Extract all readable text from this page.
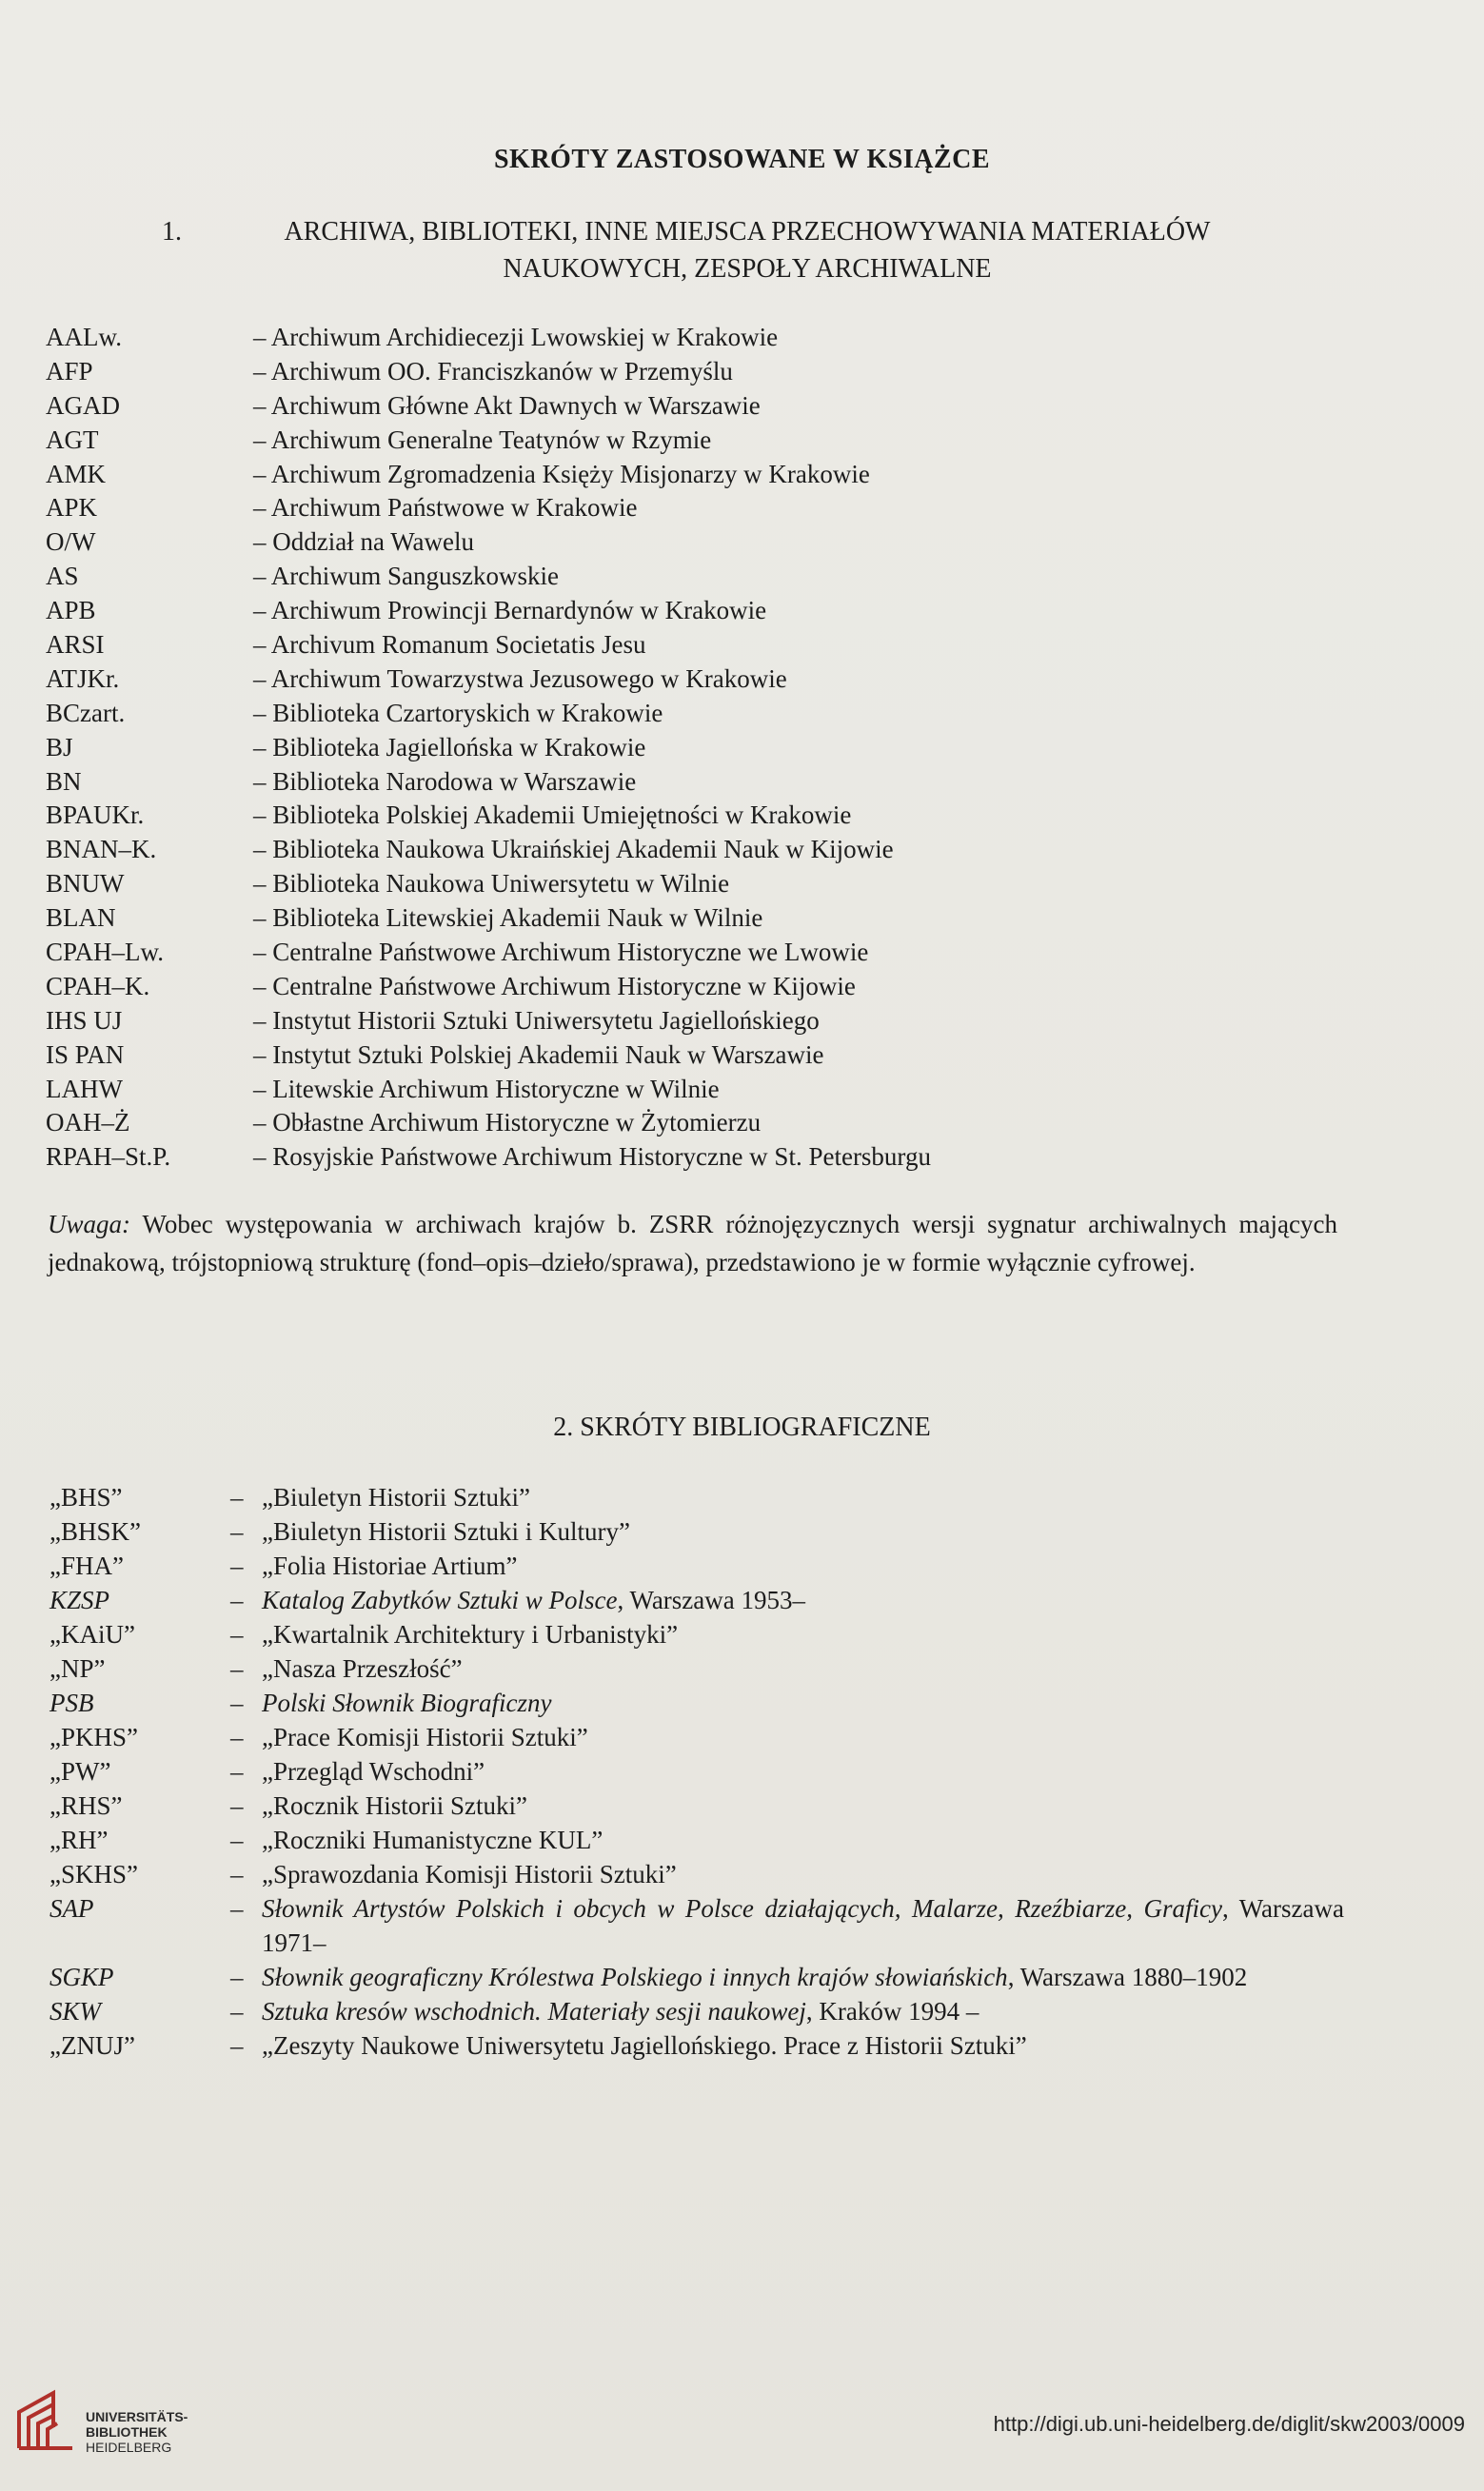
SKRÓTY ZASTOSOWANE W KSIĄŻCE
1.	ARCHIWA, BIBLIOTEKI, INNE MIEJSCA PRZECHOWYWANIA MATERIAŁÓW
NAUKOWYCH, ZESPOŁY ARCHIWALNE
AALw.	– Archiwum Archidiecezji Lwowskiej w Krakowie
AFP	– Archiwum OO. Franciszkanów w Przemyślu
AGAD	– Archiwum Główne Akt Dawnych w Warszawie
AGT	– Archiwum Generalne Teatynów w Rzymie
AMK	– Archiwum Zgromadzenia Księży Misjonarzy w Krakowie
APK	– Archiwum Państwowe w Krakowie
O/W	– Oddział na Wawelu
AS	– Archiwum Sanguszkowskie
APB	– Archiwum Prowincji Bernardynów w Krakowie
ARSI	– Archivum Romanum Societatis Jesu
ATJKr.	– Archiwum Towarzystwa Jezusowego w Krakowie
BCzart.	– Biblioteka Czartoryskich w Krakowie
BJ	– Biblioteka Jagiellońska w Krakowie
BN	– Biblioteka Narodowa w Warszawie
BPAUKr.	– Biblioteka Polskiej Akademii Umiejętności w Krakowie
BNAN–K.	– Biblioteka Naukowa Ukraińskiej Akademii Nauk w Kijowie
BNUW	– Biblioteka Naukowa Uniwersytetu w Wilnie
BLAN	– Biblioteka Litewskiej Akademii Nauk w Wilnie
CPAH–Lw.	– Centralne Państwowe Archiwum Historyczne we Lwowie
CPAH–K.	– Centralne Państwowe Archiwum Historyczne w Kijowie
IHS UJ	– Instytut Historii Sztuki Uniwersytetu Jagiellońskiego
IS PAN	– Instytut Sztuki Polskiej Akademii Nauk w Warszawie
LAHW	– Litewskie Archiwum Historyczne w Wilnie
OAH–Ż	– Obłastne Archiwum Historyczne w Żytomierzu
RPAH–St.P.	– Rosyjskie Państwowe Archiwum Historyczne w St. Petersburgu
Uwaga: Wobec występowania w archiwach krajów b. ZSRR różnojęzycznych wersji sygnatur archiwalnych mających jednakową, trójstopniową strukturę (fond–opis–dzieło/sprawa), przedstawiono je w formie wyłącznie cyfrowej.
2. SKRÓTY BIBLIOGRAFICZNE
„BHS”	– „Biuletyn Historii Sztuki”
„BHSK”	– „Biuletyn Historii Sztuki i Kultury”
„FHA”	– „Folia Historiae Artium”
KZSP	– Katalog Zabytków Sztuki w Polsce, Warszawa 1953–
„KAiU”	– „Kwartalnik Architektury i Urbanistyki”
„NP”	– „Nasza Przeszłość”
PSB	– Polski Słownik Biograficzny
„PKHS”	– „Prace Komisji Historii Sztuki”
„PW”	– „Przegląd Wschodni”
„RHS”	– „Rocznik Historii Sztuki”
„RH”	– „Roczniki Humanistyczne KUL”
„SKHS”	– „Sprawozdania Komisji Historii Sztuki”
SAP	– Słownik Artystów Polskich i obcych w Polsce działających, Malarze, Rzeźbiarze, Graficy, Warszawa 1971–
SGKP	– Słownik geograficzny Królestwa Polskiego i innych krajów słowiańskich, Warszawa 1880–1902
SKW	– Sztuka kresów wschodnich. Materiały sesji naukowej, Kraków 1994 –
„ZNUJ”	– „Zeszyty Naukowe Uniwersytetu Jagiellońskiego. Prace z Historii Sztuki”
UNIVERSITÄTS-
BIBLIOTHEK
HEIDELBERG
http://digi.ub.uni-heidelberg.de/diglit/skw2003/0009
